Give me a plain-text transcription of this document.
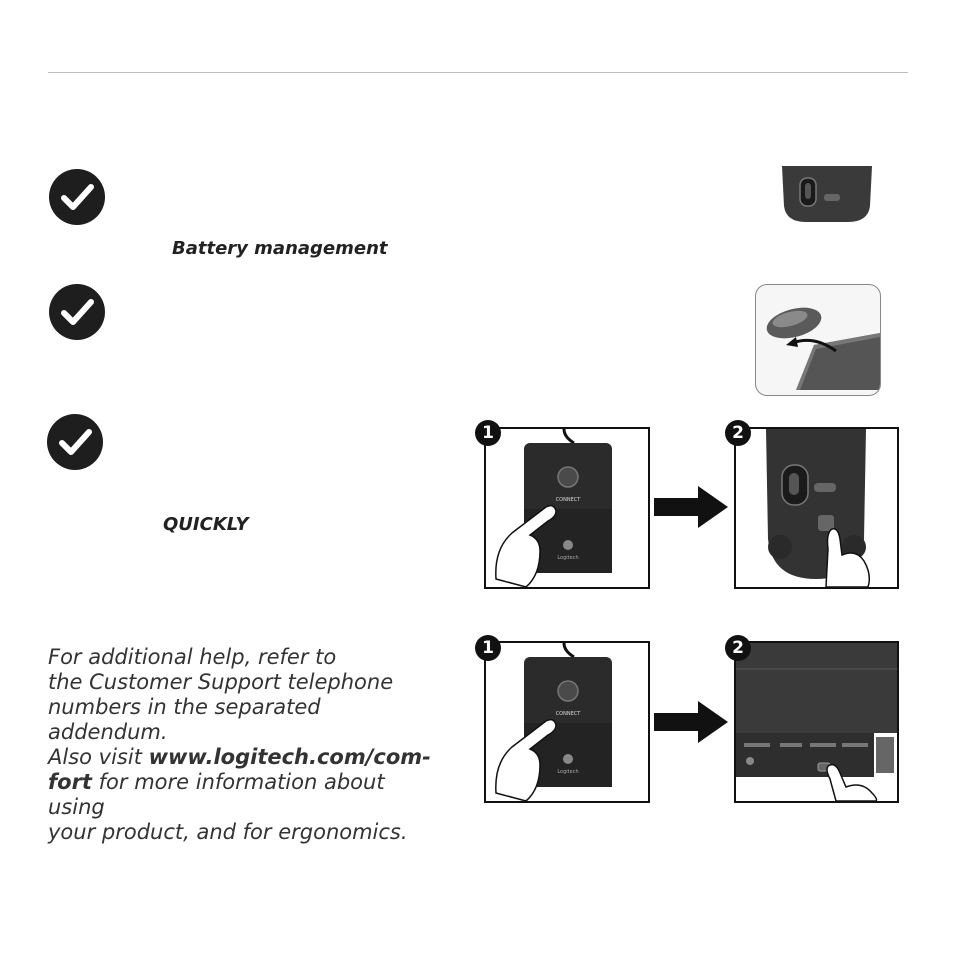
Battery management
QUICKLY
For additional help, refer to
the Customer Support telephone
numbers in the separated addendum.
Also visit www.logitech.com/com-
fort for more information about using
your product, and for ergonomics.
CONNECT
Logitech
1	2
CONNECT
Logitech
1	2
